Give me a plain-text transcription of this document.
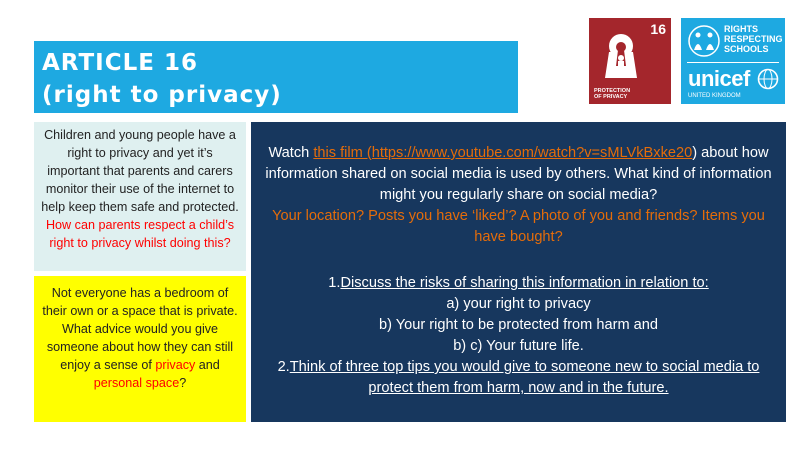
ARTICLE 16
(right to privacy)
16
PROTECTION
OF PRIVACY
RIGHTS
RESPECTING
SCHOOLS
unicef
UNITED KINGDOM
Children and young people have a right to privacy and yet it’s important that parents and carers monitor their use of the internet to help keep them safe and protected. How can parents respect a child’s right to privacy whilst doing this?
Not everyone has a bedroom of their own or a space that is private.
What advice would you give someone about how they can still enjoy a sense of privacy and personal space?
Watch this film (https://www.youtube.com/watch?v=sMLVkBxke20) about how information shared on social media is used by others. What kind of information might you regularly share on social media?
Your location? Posts you have ‘liked’? A photo of you and friends? Items you have bought?
1.Discuss the risks of sharing this information in relation to:
a) your right to privacy
b) Your right to be protected from harm and
b) c) Your future life.
2.Think of three top tips you would give to someone new to social media to protect them from harm, now and in the future.
